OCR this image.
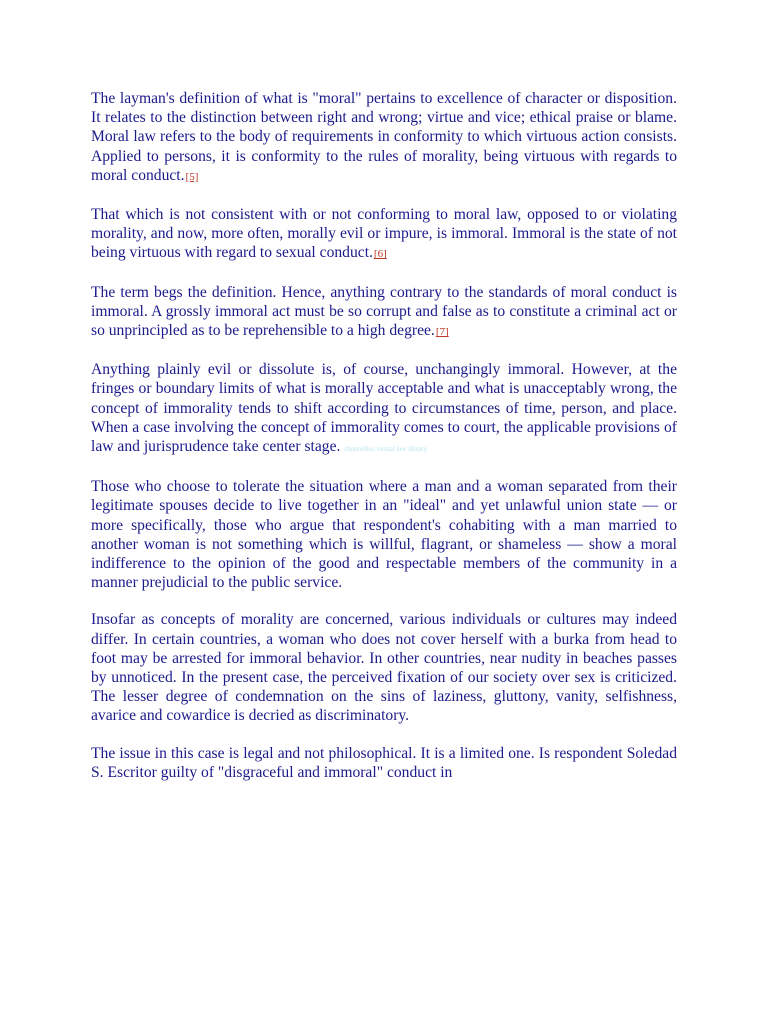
The layman's definition of what is "moral" pertains to excellence of character or disposition. It relates to the distinction between right and wrong; virtue and vice; ethical praise or blame. Moral law refers to the body of requirements in conformity to which virtuous action consists. Applied to persons, it is conformity to the rules of morality, being virtuous with regards to moral conduct.[5]

That which is not consistent with or not conforming to moral law, opposed to or violating morality, and now, more often, morally evil or impure, is immoral. Immoral is the state of not being virtuous with regard to sexual conduct.[6]

The term begs the definition. Hence, anything contrary to the standards of moral conduct is immoral. A grossly immoral act must be so corrupt and false as to constitute a criminal act or so unprincipled as to be reprehensible to a high degree.[7]

Anything plainly evil or dissolute is, of course, unchangingly immoral. However, at the fringes or boundary limits of what is morally acceptable and what is unacceptably wrong, the concept of immorality tends to shift according to circumstances of time, person, and place. When a case involving the concept of immorality comes to court, the applicable provisions of law and jurisprudence take center stage. chanrobles virtual law library

Those who choose to tolerate the situation where a man and a woman separated from their legitimate spouses decide to live together in an "ideal" and yet unlawful union state — or more specifically, those who argue that respondent's cohabiting with a man married to another woman is not something which is willful, flagrant, or shameless — show a moral indifference to the opinion of the good and respectable members of the community in a manner prejudicial to the public service.

Insofar as concepts of morality are concerned, various individuals or cultures may indeed differ. In certain countries, a woman who does not cover herself with a burka from head to foot may be arrested for immoral behavior. In other countries, near nudity in beaches passes by unnoticed. In the present case, the perceived fixation of our society over sex is criticized. The lesser degree of condemnation on the sins of laziness, gluttony, vanity, selfishness, avarice and cowardice is decried as discriminatory.

The issue in this case is legal and not philosophical. It is a limited one. Is respondent Soledad S. Escritor guilty of "disgraceful and immoral" conduct in
